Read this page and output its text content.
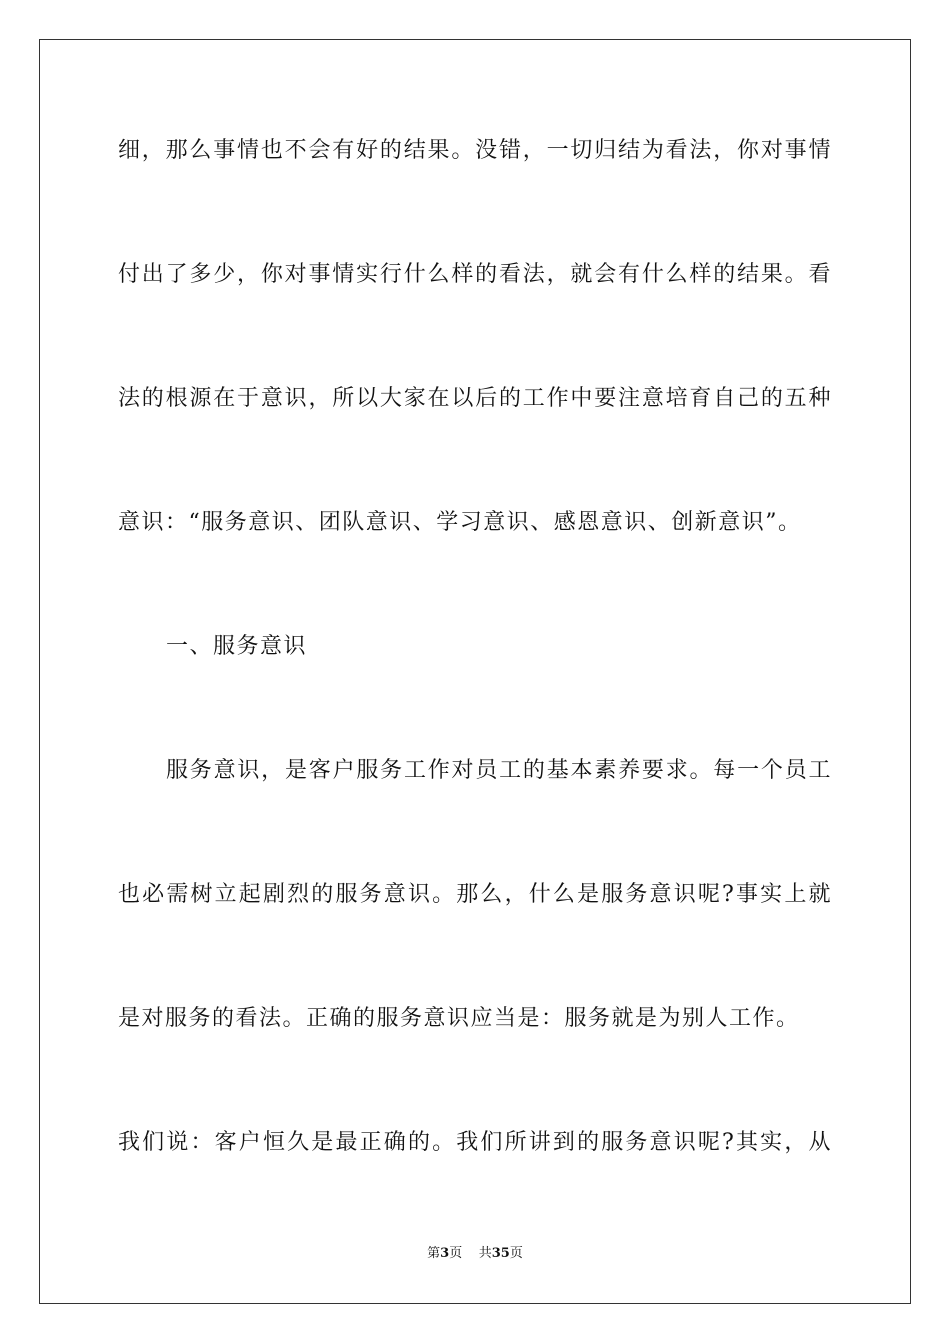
细，那么事情也不会有好的结果。没错，一切归结为看法，你对事情
付出了多少，你对事情实行什么样的看法，就会有什么样的结果。看
法的根源在于意识，所以大家在以后的工作中要注意培育自己的五种
意识：“服务意识、团队意识、学习意识、感恩意识、创新意识”。
一、服务意识
服务意识，是客户服务工作对员工的基本素养要求。每一个员工
也必需树立起剧烈的服务意识。那么，什么是服务意识呢?事实上就
是对服务的看法。正确的服务意识应当是：服务就是为别人工作。
我们说：客户恒久是最正确的。我们所讲到的服务意识呢?其实，从
第3页 共35页
